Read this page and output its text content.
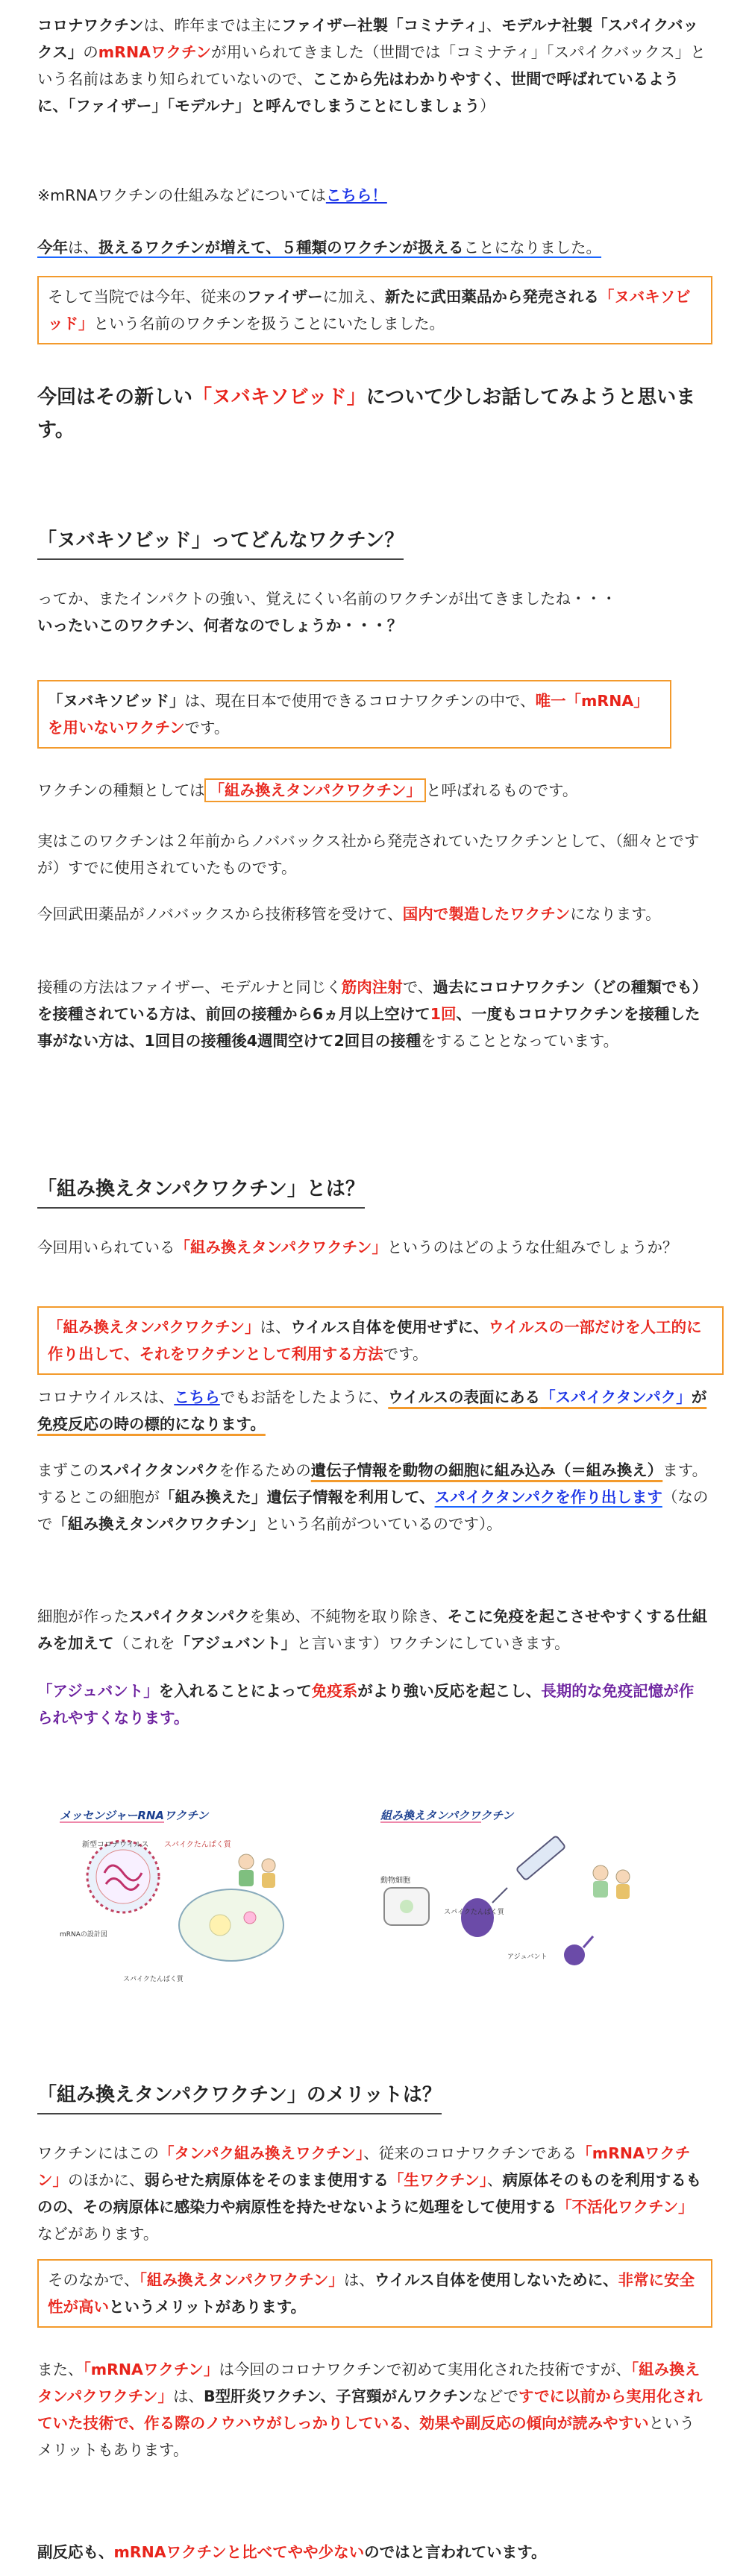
コロナワクチンは、昨年までは主にファイザー社製「コミナティ」、モデルナ社製「スパイクバックス」のmRNAワクチンが用いられてきました（世間では「コミナティ」「スパイクバックス」という名前はあまり知られていないので、ここから先はわかりやすく、世間で呼ばれているように、「ファイザー」「モデルナ」と呼んでしまうことにしましょう）

※mRNAワクチンの仕組みなどについてはこちら！

今年は、扱えるワクチンが増えて、５種類のワクチンが扱えることになりました。

そして当院では今年、従来のファイザーに加え、新たに武田薬品から発売される「ヌバキソビッド」という名前のワクチンを扱うことにいたしました。

今回はその新しい「ヌバキソビッド」について少しお話してみようと思います。

「ヌバキソビッド」ってどんなワクチン？

ってか、またインパクトの強い、覚えにくい名前のワクチンが出てきましたね・・・
いったいこのワクチン、何者なのでしょうか・・・？

「ヌバキソビッド」は、現在日本で使用できるコロナワクチンの中で、唯一「mRNA」を用いないワクチンです。

ワクチンの種類としては 「組み換えタンパクワクチン」 と呼ばれるものです。

実はこのワクチンは２年前からノババックス社から発売されていたワクチンとして、（細々とですが）すでに使用されていたものです。

今回武田薬品がノババックスから技術移管を受けて、国内で製造したワクチンになります。

接種の方法はファイザー、モデルナと同じく筋肉注射で、過去にコロナワクチン（どの種類でも）を接種されている方は、前回の接種から6ヵ月以上空けて1回、一度もコロナワクチンを接種した事がない方は、1回目の接種後4週間空けて2回目の接種をすることとなっています。

「組み換えタンパクワクチン」とは？

今回用いられている「組み換えタンパクワクチン」というのはどのような仕組みでしょうか？

「組み換えタンパクワクチン」は、ウイルス自体を使用せずに、ウイルスの一部だけを人工的に作り出して、それをワクチンとして利用する方法です。

コロナウイルスは、こちらでもお話をしたように、ウイルスの表面にある「スパイクタンパク」が免疫反応の時の標的になります。

まずこのスパイクタンパクを作るための遺伝子情報を動物の細胞に組み込み（＝組み換え）ます。
するとこの細胞が「組み換えた」遺伝子情報を利用して、スパイクタンパクを作り出します（なので「組み換えタンパクワクチン」という名前がついているのです）。

細胞が作ったスパイクタンパクを集め、不純物を取り除き、そこに免疫を起こさせやすくする仕組みを加えて（これを「アジュバント」と言います）ワクチンにしていきます。

「アジュバント」を入れることによって免疫系がより強い反応を起こし、長期的な免疫記憶が作られやすくなります。

メッセンジャーRNAワクチン
新型コロナウイルス スパイクたんぱく質
mRNAの設計図
スパイクたんぱく質
組み換えタンパクワクチン
動物細胞
スパイクたんぱく質
アジュバント
「組み換えタンパクワクチン」のメリットは？

ワクチンにはこの「タンパク組み換えワクチン」、従来のコロナワクチンである「mRNAワクチン」のほかに、弱らせた病原体をそのまま使用する「生ワクチン」、病原体そのものを利用するものの、その病原体に感染力や病原性を持たせないように処理をして使用する「不活化ワクチン」などがあります。

そのなかで、「組み換えタンパクワクチン」は、ウイルス自体を使用しないために、非常に安全性が高いというメリットがあります。

また、「mRNAワクチン」は今回のコロナワクチンで初めて実用化された技術ですが、「組み換えタンパクワクチン」は、B型肝炎ワクチン、子宮頸がんワクチンなどですでに以前から実用化されていた技術で、作る際のノウハウがしっかりしている、効果や副反応の傾向が読みやすいというメリットもあります。

副反応も、mRNAワクチンと比べてやや少ないのではと言われています。
